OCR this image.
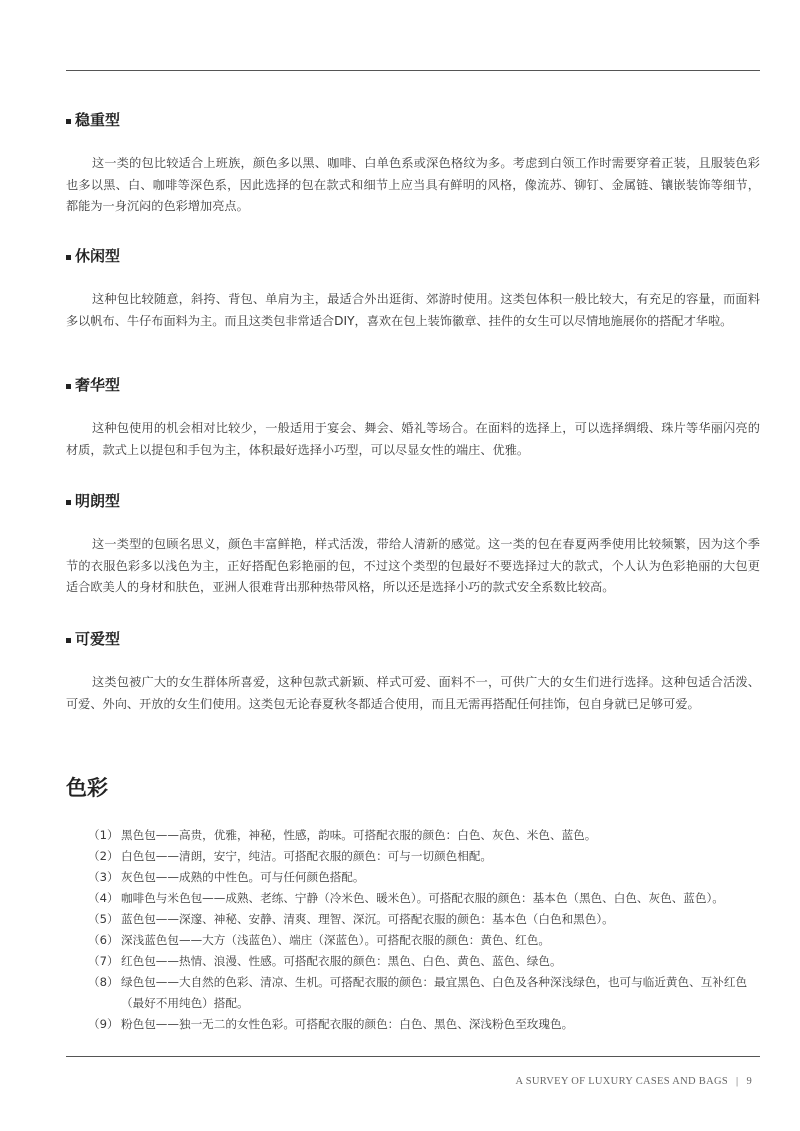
稳重型

这一类的包比较适合上班族，颜色多以黑、咖啡、白单色系或深色格纹为多。考虑到白领工作时需要穿着正装，且服装色彩也多以黑、白、咖啡等深色系，因此选择的包在款式和细节上应当具有鲜明的风格，像流苏、铆钉、金属链、镶嵌装饰等细节，都能为一身沉闷的色彩增加亮点。

休闲型

这种包比较随意，斜挎、背包、单肩为主，最适合外出逛街、郊游时使用。这类包体积一般比较大，有充足的容量，而面料多以帆布、牛仔布面料为主。而且这类包非常适合DIY，喜欢在包上装饰徽章、挂件的女生可以尽情地施展你的搭配才华啦。

奢华型

这种包使用的机会相对比较少，一般适用于宴会、舞会、婚礼等场合。在面料的选择上，可以选择绸缎、珠片等华丽闪亮的材质，款式上以提包和手包为主，体积最好选择小巧型，可以尽显女性的端庄、优雅。

明朗型

这一类型的包顾名思义，颜色丰富鲜艳，样式活泼，带给人清新的感觉。这一类的包在春夏两季使用比较频繁，因为这个季节的衣服色彩多以浅色为主，正好搭配色彩艳丽的包，不过这个类型的包最好不要选择过大的款式，个人认为色彩艳丽的大包更适合欧美人的身材和肤色，亚洲人很难背出那种热带风格，所以还是选择小巧的款式安全系数比较高。

可爱型

这类包被广大的女生群体所喜爱，这种包款式新颖、样式可爱、面料不一，可供广大的女生们进行选择。这种包适合活泼、可爱、外向、开放的女生们使用。这类包无论春夏秋冬都适合使用，而且无需再搭配任何挂饰，包自身就已足够可爱。

色彩
（1） 黑色包——高贵，优雅，神秘，性感，韵味。可搭配衣服的颜色：白色、灰色、米色、蓝色。
（2） 白色包——清朗，安宁，纯洁。可搭配衣服的颜色：可与一切颜色相配。
（3） 灰色包——成熟的中性色。可与任何颜色搭配。
（4） 咖啡色与米色包——成熟、老练、宁静（冷米色、暖米色）。可搭配衣服的颜色：基本色（黑色、白色、灰色、蓝色）。
（5） 蓝色包——深邃、神秘、安静、清爽、理智、深沉。可搭配衣服的颜色：基本色（白色和黑色）。
（6） 深浅蓝色包——大方（浅蓝色）、端庄（深蓝色）。可搭配衣服的颜色：黄色、红色。
（7） 红色包——热情、浪漫、性感。可搭配衣服的颜色：黑色、白色、黄色、蓝色、绿色。
（8） 绿色包——大自然的色彩、清凉、生机。可搭配衣服的颜色：最宜黑色、白色及各种深浅绿色，也可与临近黄色、互补红色（最好不用纯色）搭配。
（9） 粉色包——独一无二的女性色彩。可搭配衣服的颜色：白色、黑色、深浅粉色至玫瑰色。
A SURVEY OF LUXURY CASES AND BAGS | 9
